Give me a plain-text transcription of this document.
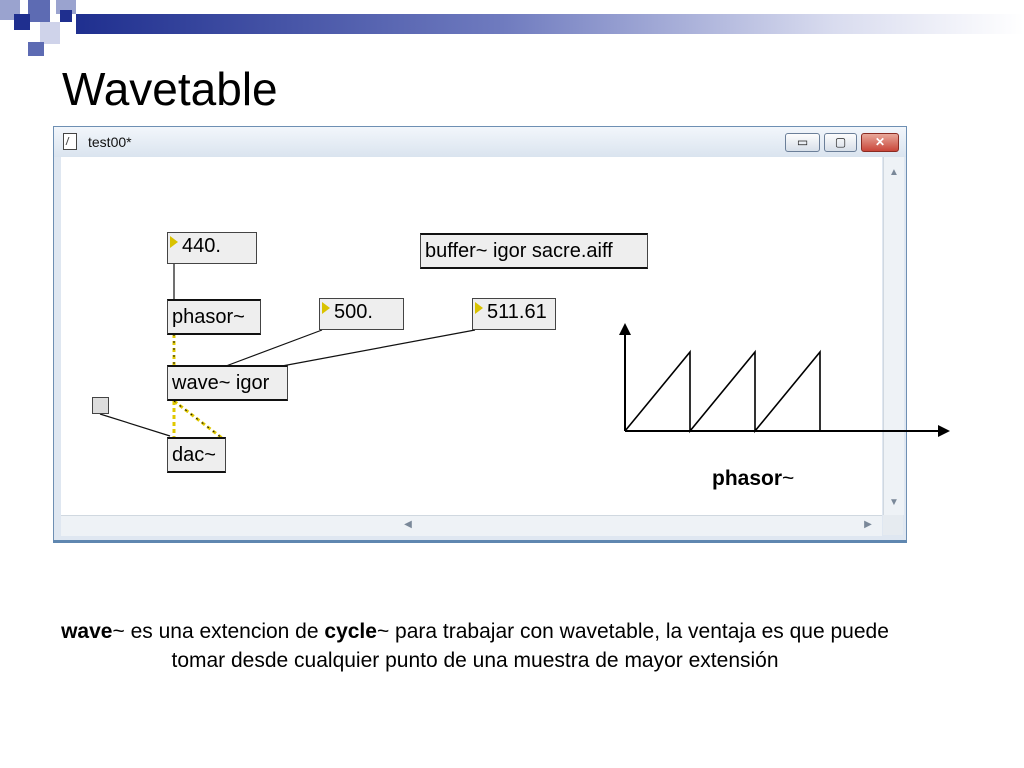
Wavetable
test00*	▭	▢	✕
▲
▼
◀	▶
440.
phasor~	500.	511.61
buffer~ igor sacre.aiff
wave~ igor
dac~
phasor~
wave~ es una extencion de cycle~ para trabajar con wavetable, la ventaja es que puede tomar desde cualquier punto de una muestra de mayor extensión
